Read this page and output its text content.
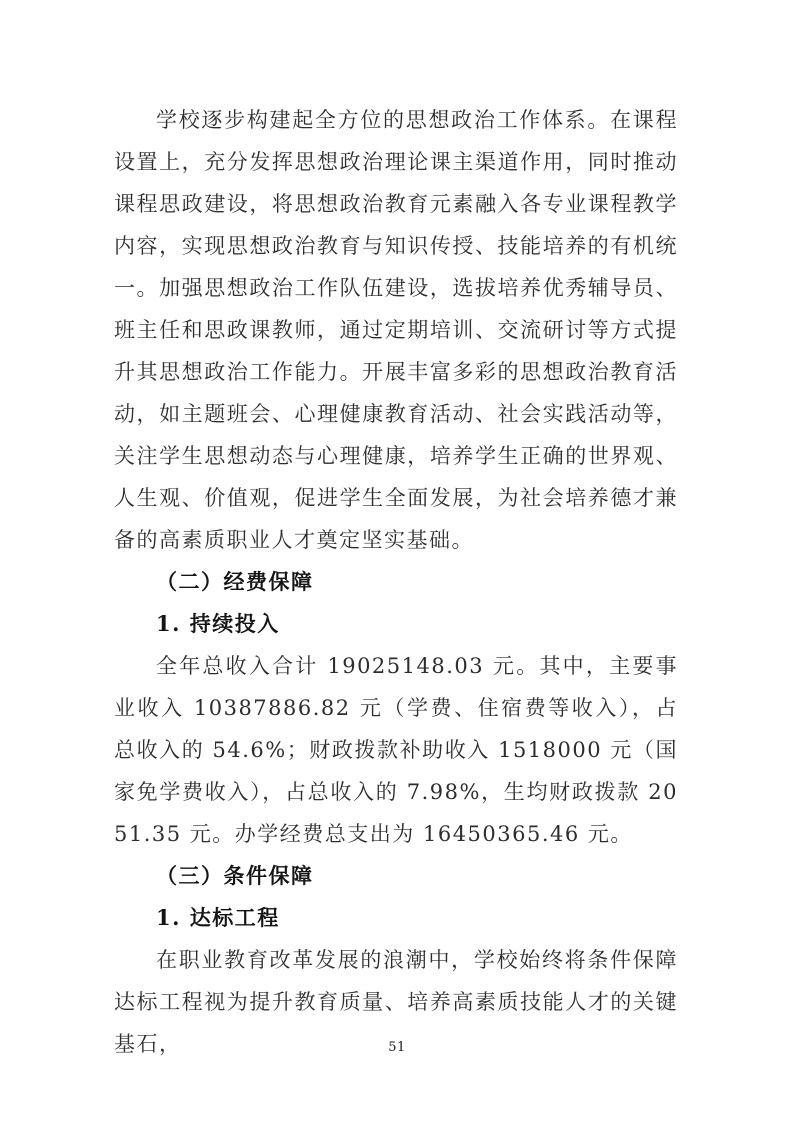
学校逐步构建起全方位的思想政治工作体系。在课程设置上，充分发挥思想政治理论课主渠道作用，同时推动课程思政建设，将思想政治教育元素融入各专业课程教学内容，实现思想政治教育与知识传授、技能培养的有机统一。加强思想政治工作队伍建设，选拔培养优秀辅导员、班主任和思政课教师，通过定期培训、交流研讨等方式提升其思想政治工作能力。开展丰富多彩的思想政治教育活动，如主题班会、心理健康教育活动、社会实践活动等，关注学生思想动态与心理健康，培养学生正确的世界观、人生观、价值观，促进学生全面发展，为社会培养德才兼备的高素质职业人才奠定坚实基础。

（二）经费保障
1. 持续投入

全年总收入合计 19025148.03 元。其中，主要事业收入 10387886.82 元（学费、住宿费等收入），占总收入的 54.6%；财政拨款补助收入 1518000 元（国家免学费收入），占总收入的 7.98%，生均财政拨款 2051.35 元。办学经费总支出为 16450365.46 元。

（三）条件保障
1. 达标工程

在职业教育改革发展的浪潮中，学校始终将条件保障达标工程视为提升教育质量、培养高素质技能人才的关键基石，	51
